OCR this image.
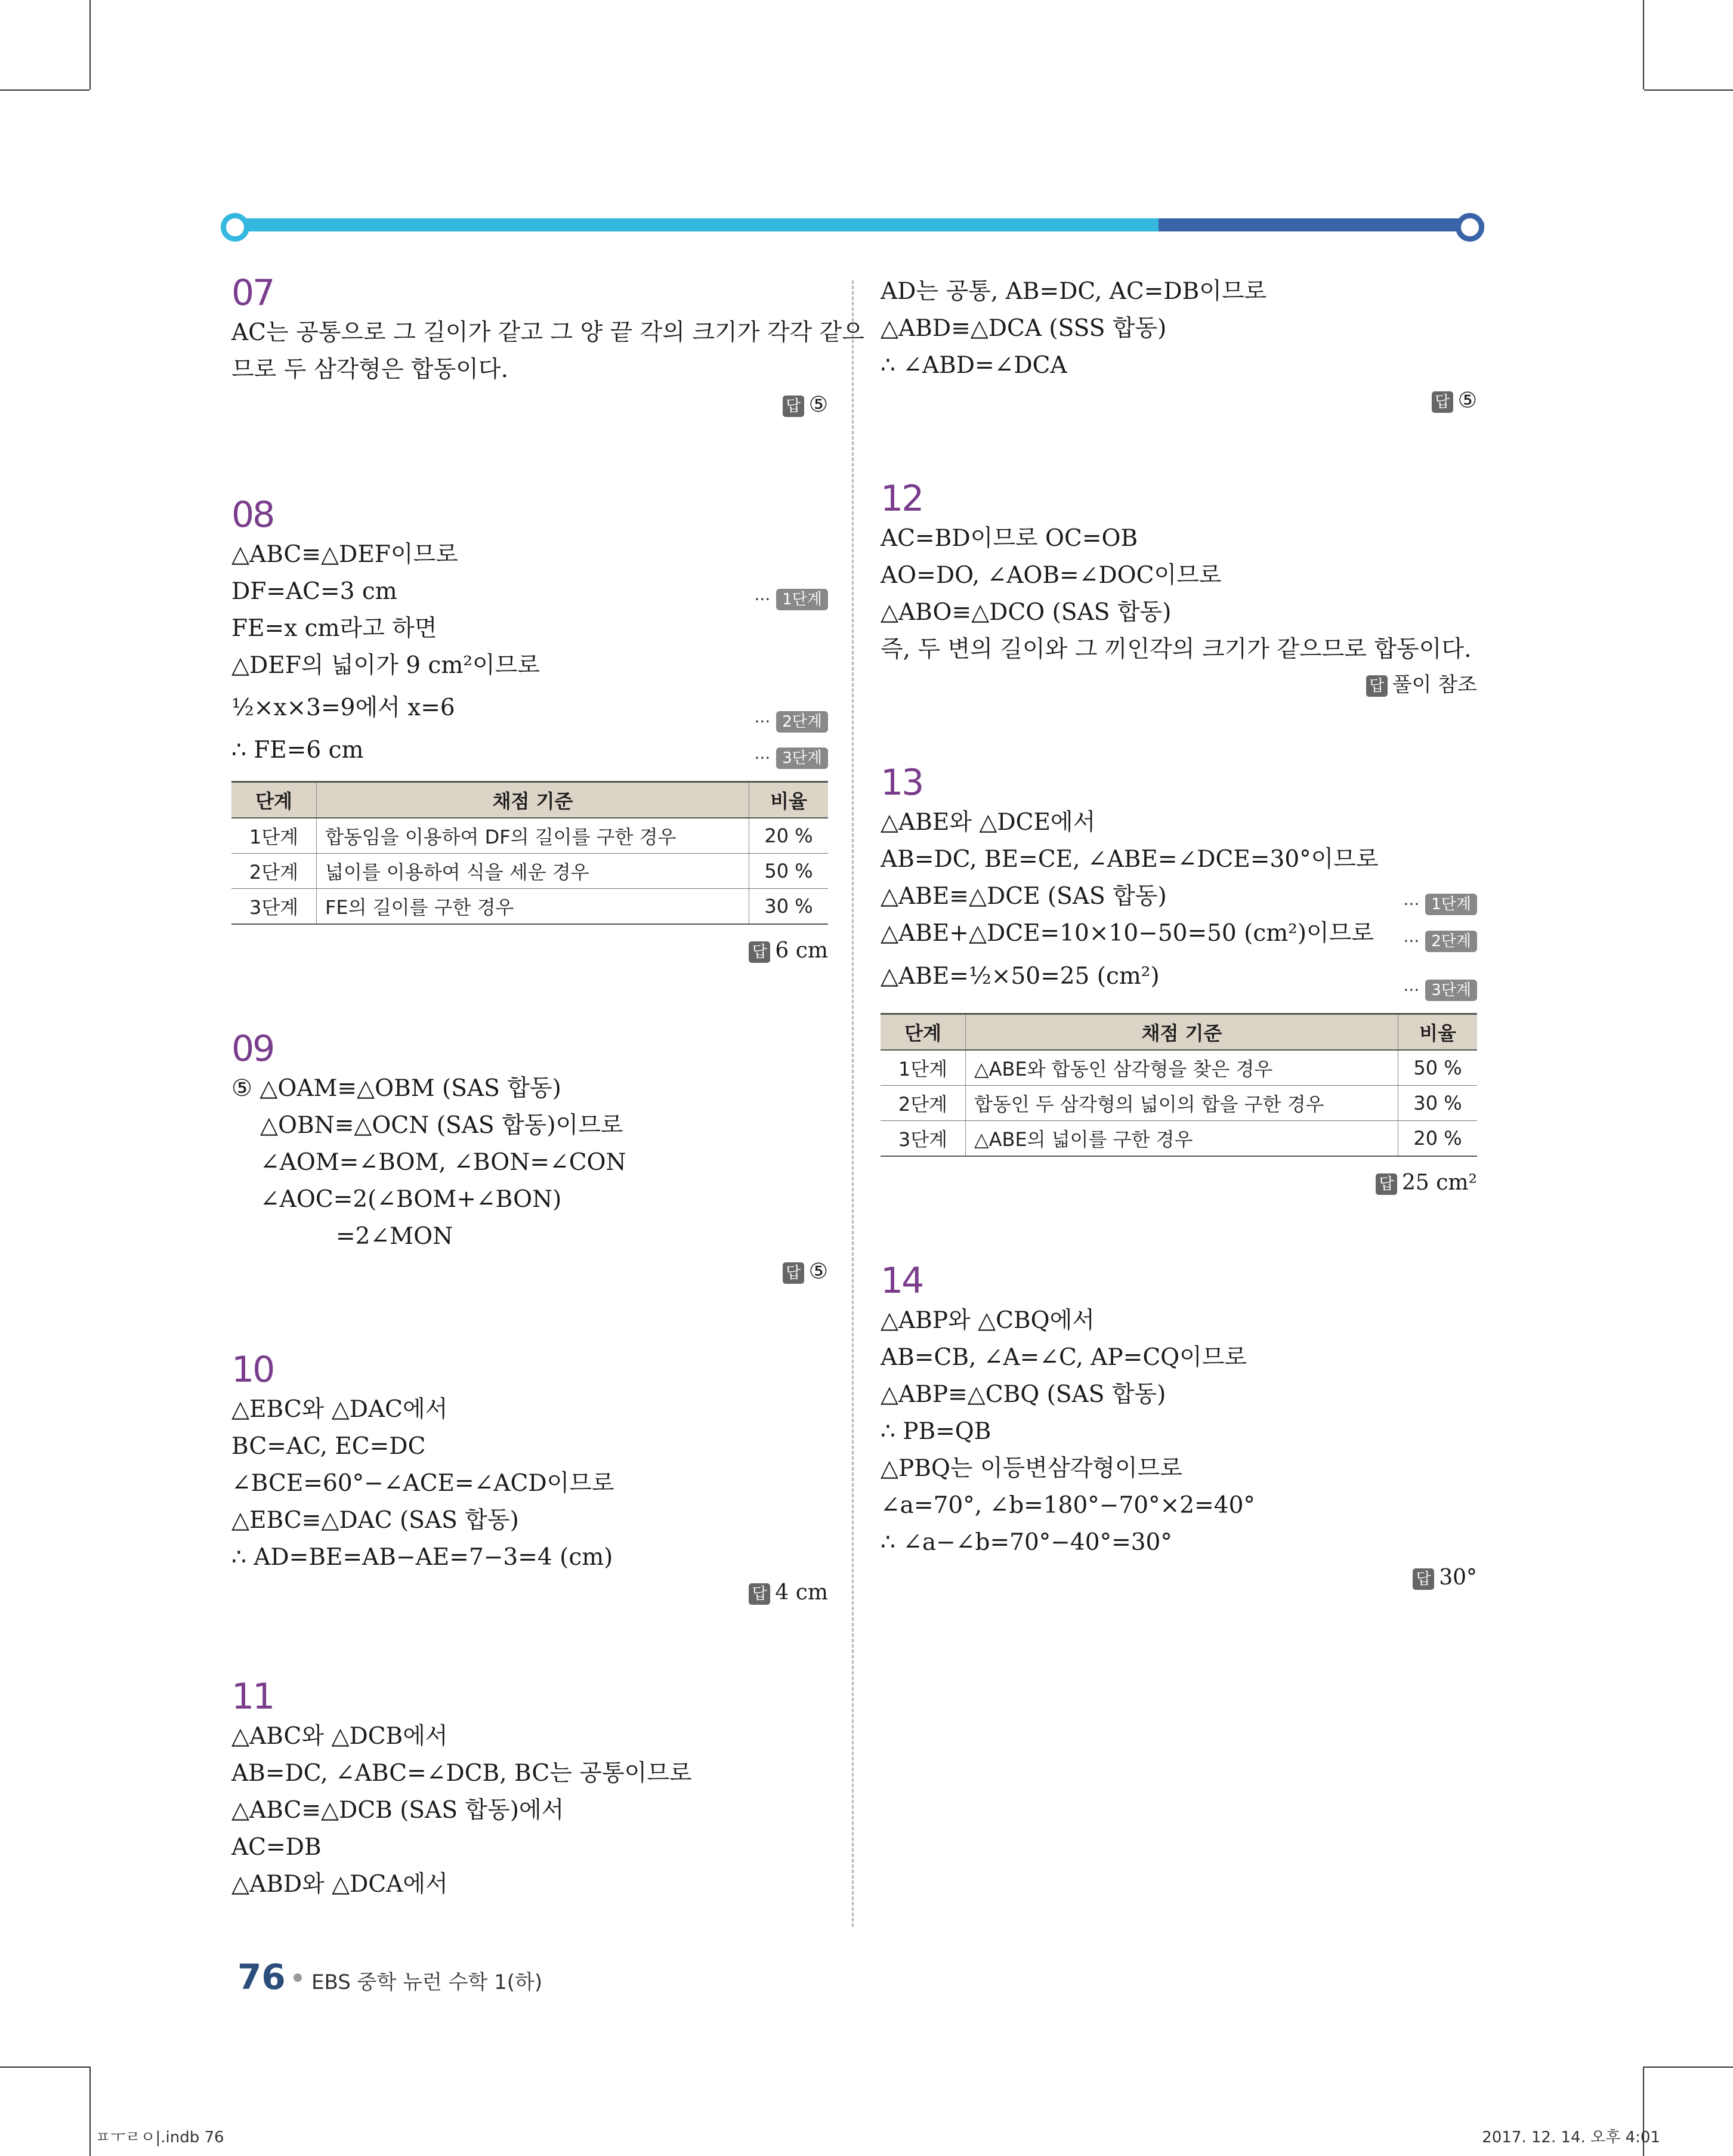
07
AC는 공통으로 그 길이가 같고 그 양 끝 각의 크기가 각각 같으
므로 두 삼각형은 합동이다.
답 ⑤
08
△ABC≡△DEF이므로
DF=AC=3 cm	··· 1단계
FE=x cm라고 하면
△DEF의 넓이가 9 cm²이므로
½×x×3=9에서 x=6
··· 2단계
∴ FE=6 cm	··· 3단계
단계	채점 기준	비율
1단계	합동임을 이용하여 DF의 길이를 구한 경우	20 %
2단계	넓이를 이용하여 식을 세운 경우	50 %
3단계	FE의 길이를 구한 경우	30 %
답 6 cm
09
⑤ △OAM≡△OBM (SAS 합동)
△OBN≡△OCN (SAS 합동)이므로
∠AOM=∠BOM, ∠BON=∠CON
∠AOC=2(∠BOM+∠BON)
=2∠MON
답 ⑤
10
△EBC와 △DAC에서
BC=AC, EC=DC
∠BCE=60°−∠ACE=∠ACD이므로
△EBC≡△DAC (SAS 합동)
∴ AD=BE=AB−AE=7−3=4 (cm)
답 4 cm
11
△ABC와 △DCB에서
AB=DC, ∠ABC=∠DCB, BC는 공통이므로
△ABC≡△DCB (SAS 합동)에서
AC=DB
△ABD와 △DCA에서
AD는 공통, AB=DC, AC=DB이므로
△ABD≡△DCA (SSS 합동)
∴ ∠ABD=∠DCA
답 ⑤
12
AC=BD이므로 OC=OB
AO=DO, ∠AOB=∠DOC이므로
△ABO≡△DCO (SAS 합동)
즉, 두 변의 길이와 그 끼인각의 크기가 같으므로 합동이다.
답 풀이 참조
13
△ABE와 △DCE에서
AB=DC, BE=CE, ∠ABE=∠DCE=30°이므로
△ABE≡△DCE (SAS 합동)	··· 1단계
△ABE+△DCE=10×10−50=50 (cm²)이므로 ··· 2단계
△ABE=½×50=25 (cm²)
··· 3단계
단계	채점 기준	비율
1단계	△ABE와 합동인 삼각형을 찾은 경우	50 %
2단계	합동인 두 삼각형의 넓이의 합을 구한 경우	30 %
3단계	△ABE의 넓이를 구한 경우	20 %
답 25 cm²
14
△ABP와 △CBQ에서
AB=CB, ∠A=∠C, AP=CQ이므로
△ABP≡△CBQ (SAS 합동)
∴ PB=QB
△PBQ는 이등변삼각형이므로
∠a=70°, ∠b=180°−70°×2=40°
∴ ∠a−∠b=70°−40°=30°
답 30°
76 EBS 중학 뉴런 수학 1(하)
ㅍㅜㄹㅇ|.indb 76	2017. 12. 14. 오후 4:01
